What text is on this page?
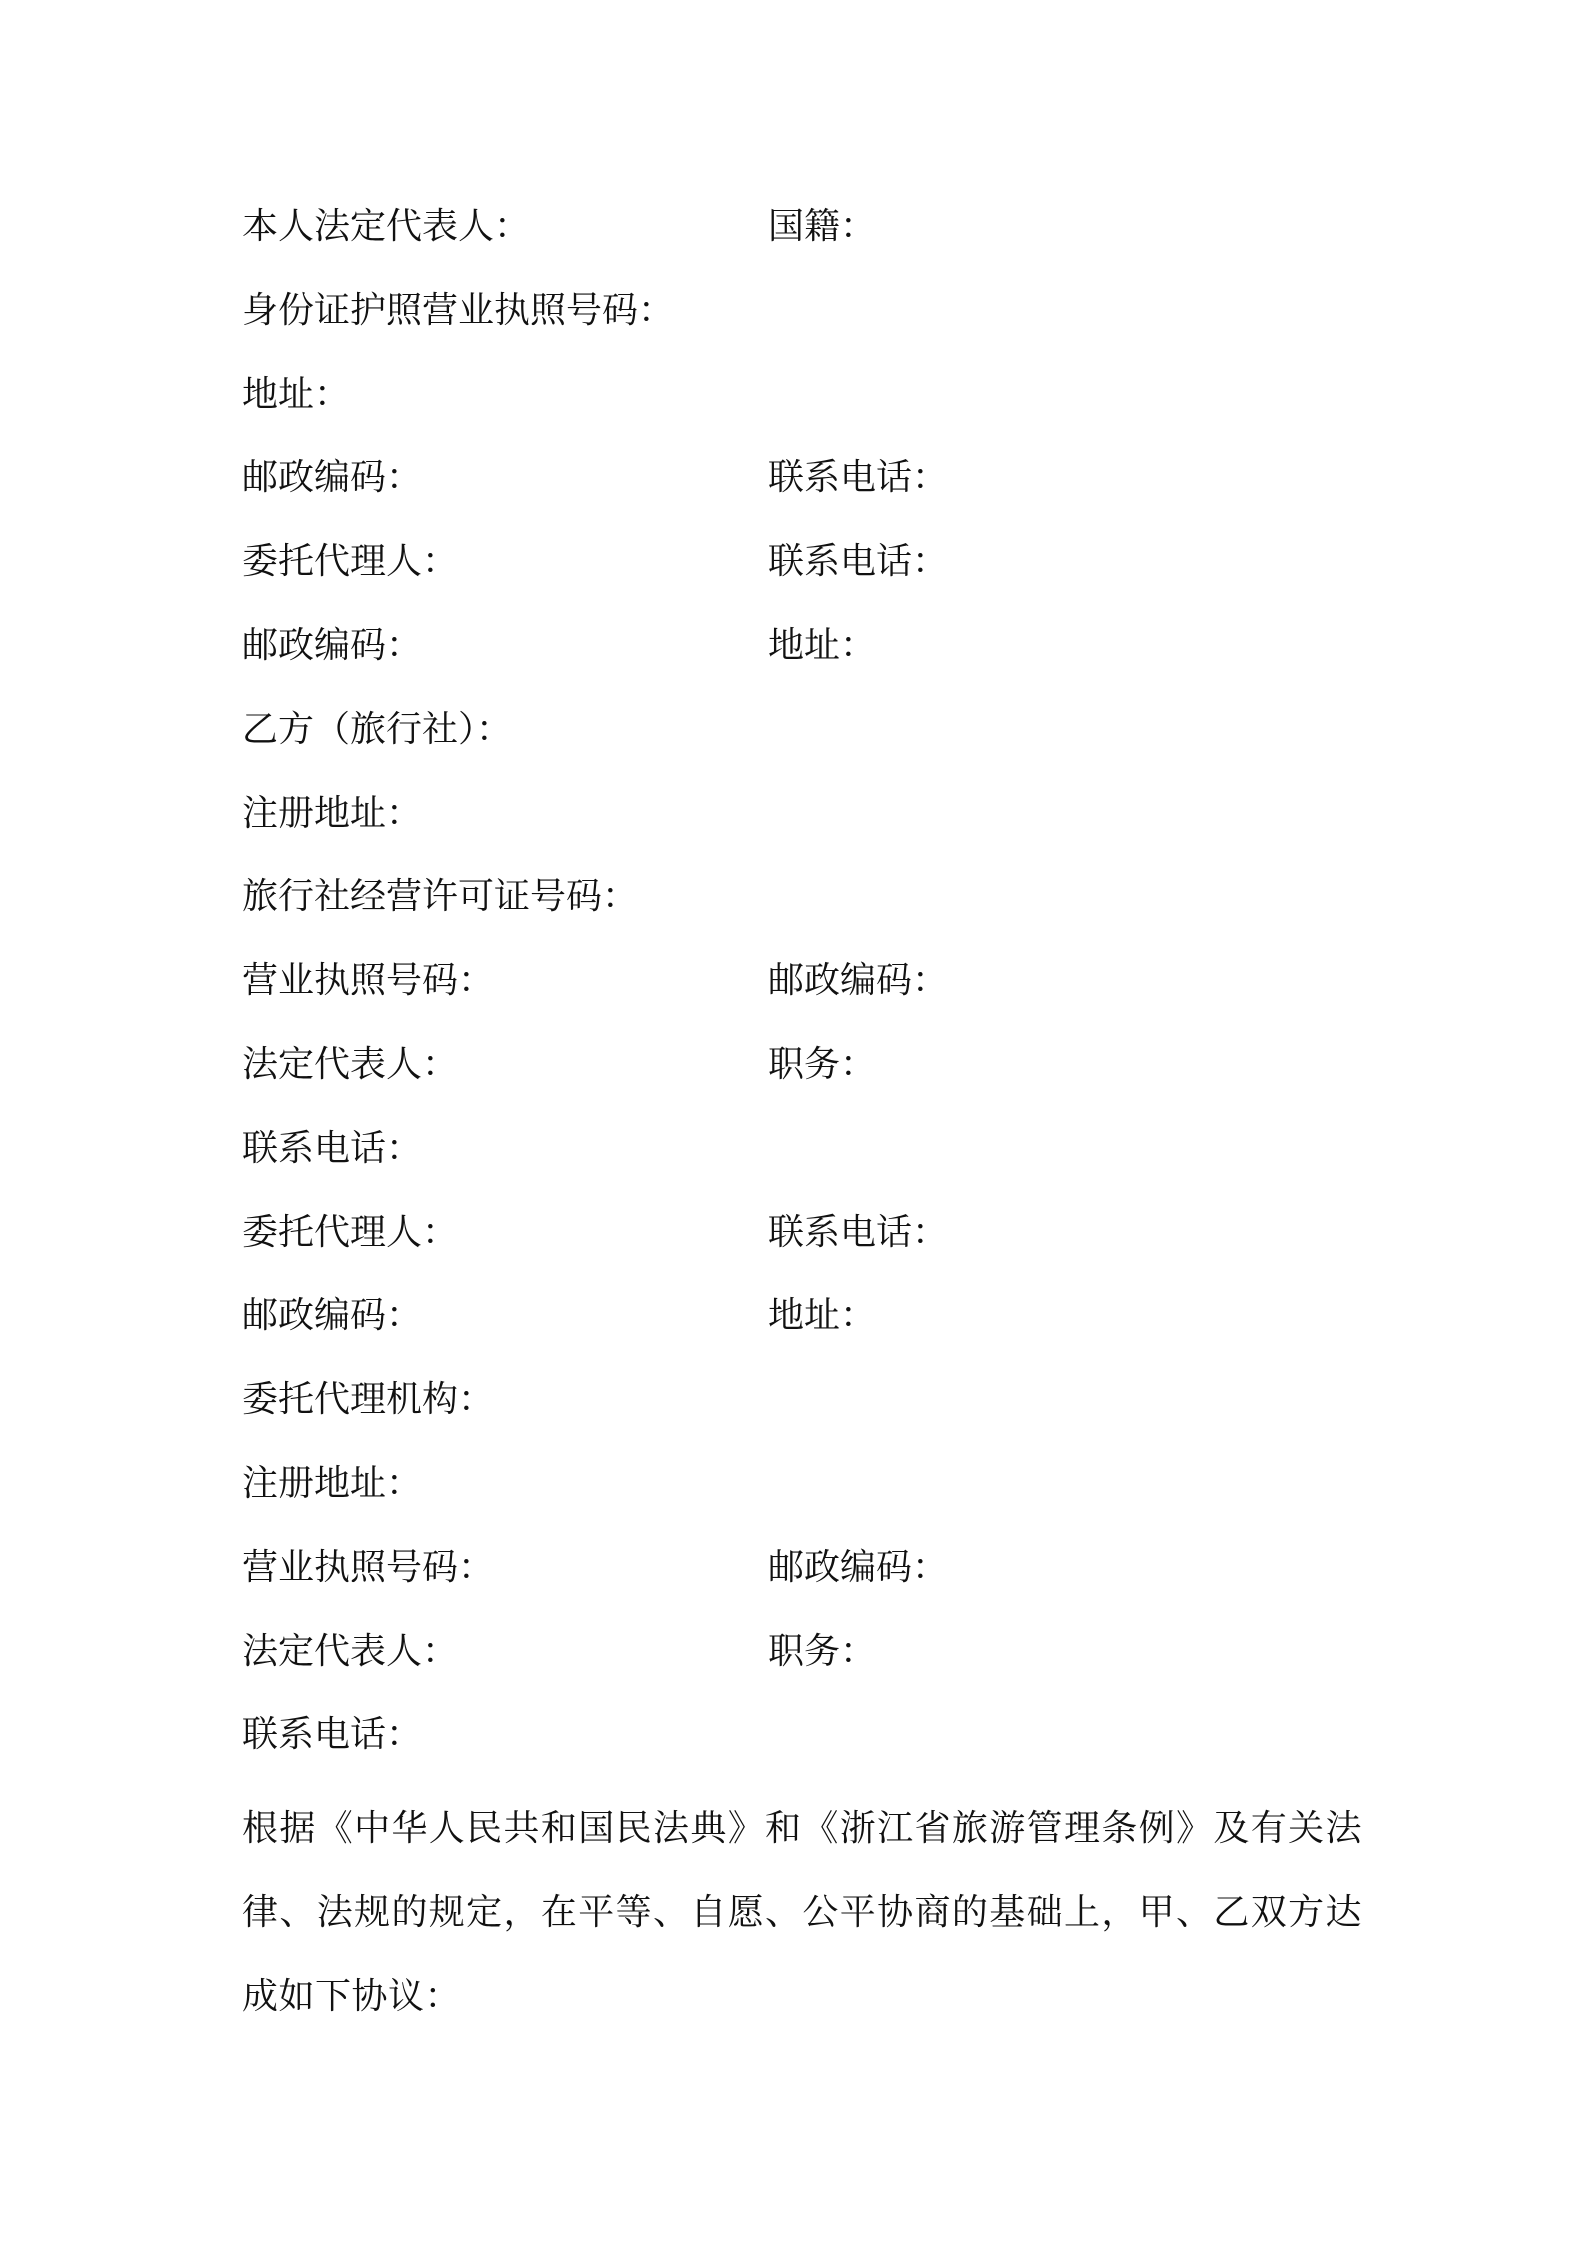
本人法定代表人：	国籍：
身份证护照营业执照号码：
地址：
邮政编码：	联系电话：
委托代理人：	联系电话：
邮政编码：	地址：
乙方（旅行社）：
注册地址：
旅行社经营许可证号码：
营业执照号码：	邮政编码：
法定代表人：	职务：
联系电话：
委托代理人：	联系电话：
邮政编码：	地址：
委托代理机构：
注册地址：
营业执照号码：	邮政编码：
法定代表人：	职务：
联系电话：

根据《中华人民共和国民法典》和《浙江省旅游管理条例》及有关法律、法规的规定，在平等、自愿、公平协商的基础上，甲、乙双方达成如下协议：
